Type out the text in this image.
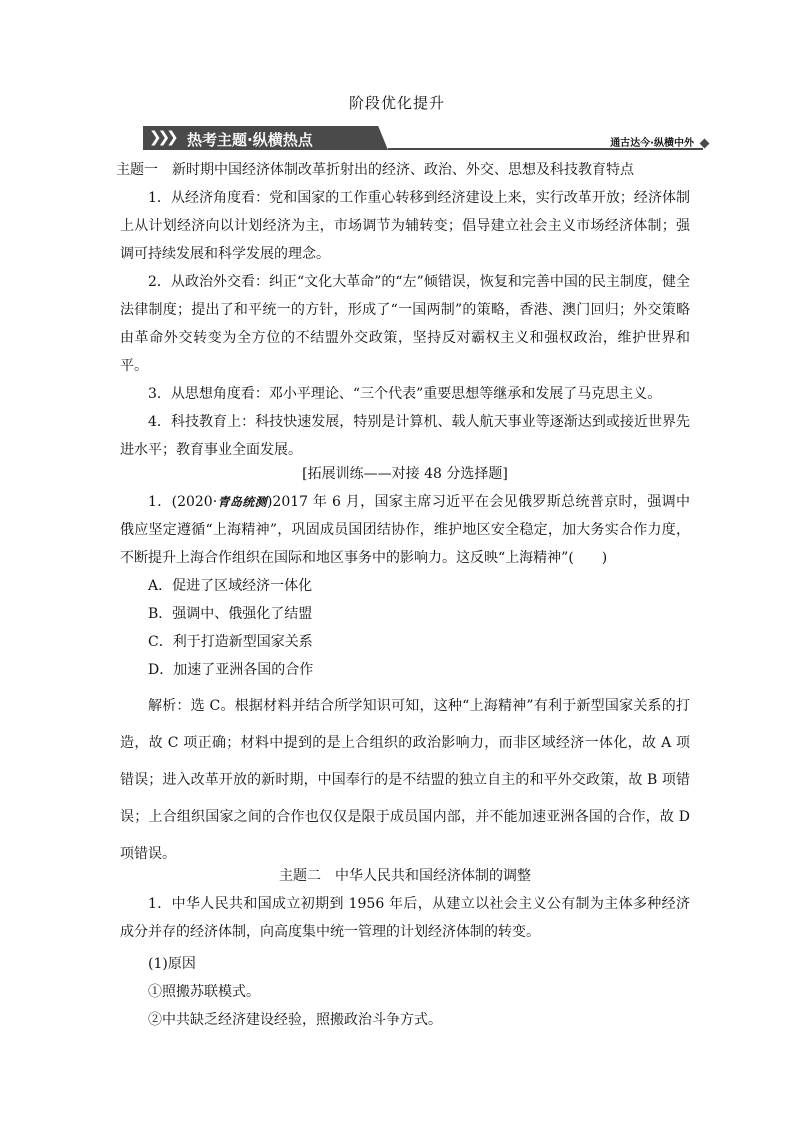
阶段优化提升
❯❯❯ 热考主题·纵横热点	通古达今·纵横中外

主题一　新时期中国经济体制改革折射出的经济、政治、外交、思想及科技教育特点

1．从经济角度看：党和国家的工作重心转移到经济建设上来，实行改革开放；经济体制上从计划经济向以计划经济为主，市场调节为辅转变；倡导建立社会主义市场经济体制；强调可持续发展和科学发展的理念。

2．从政治外交看：纠正“文化大革命”的“左”倾错误，恢复和完善中国的民主制度，健全法律制度；提出了和平统一的方针，形成了“一国两制”的策略，香港、澳门回归；外交策略由革命外交转变为全方位的不结盟外交政策，坚持反对霸权主义和强权政治，维护世界和平。

3．从思想角度看：邓小平理论、“三个代表”重要思想等继承和发展了马克思主义。

4．科技教育上：科技快速发展，特别是计算机、载人航天事业等逐渐达到或接近世界先进水平；教育事业全面发展。

[拓展训练——对接 48 分选择题]

1．(2020·青岛统测)2017 年 6 月，国家主席习近平在会见俄罗斯总统普京时，强调中俄应坚定遵循“上海精神”，巩固成员国团结协作，维护地区安全稳定，加大务实合作力度，不断提升上海合作组织在国际和地区事务中的影响力。这反映“上海精神”(　　)

A．促进了区域经济一体化

B．强调中、俄强化了结盟

C．利于打造新型国家关系

D．加速了亚洲各国的合作

解析：选 C。根据材料并结合所学知识可知，这种“上海精神”有利于新型国家关系的打造，故 C 项正确；材料中提到的是上合组织的政治影响力，而非区域经济一体化，故 A 项错误；进入改革开放的新时期，中国奉行的是不结盟的独立自主的和平外交政策，故 B 项错误；上合组织国家之间的合作也仅仅是限于成员国内部，并不能加速亚洲各国的合作，故 D 项错误。

主题二　中华人民共和国经济体制的调整

1．中华人民共和国成立初期到 1956 年后，从建立以社会主义公有制为主体多种经济成分并存的经济体制，向高度集中统一管理的计划经济体制的转变。

(1)原因

①照搬苏联模式。

②中共缺乏经济建设经验，照搬政治斗争方式。
